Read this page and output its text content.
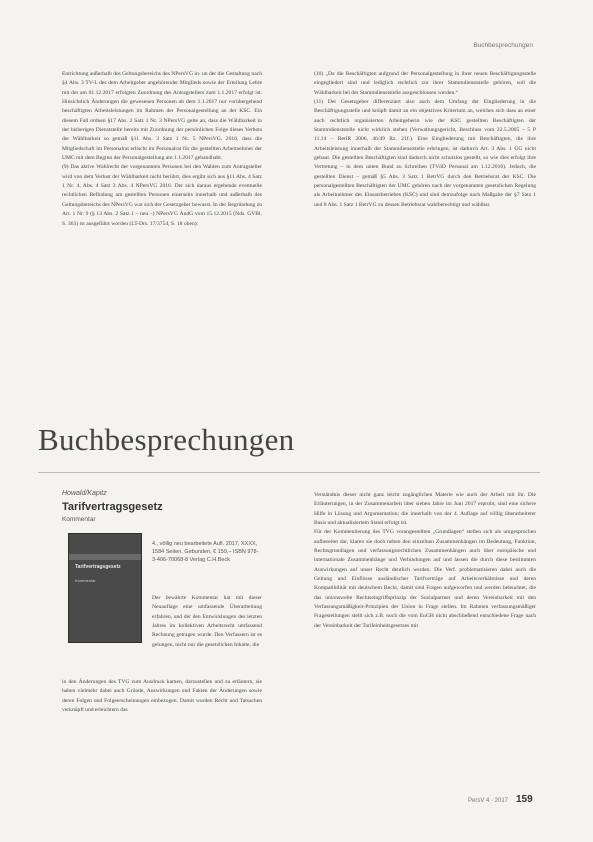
Buchbesprechungen

Entrichtung außerhalb des Geltungsbereichs des NPersVG in- un der die Gestaltung nach §4 Abs. 3 TV-L des dem Arbeitgeber angehörender Mitglieds sowie der Erteilung Lehre mit der am 01.12.2017 erfolgten Zuordnung des Antragstellers zum 1.1.2017 erfolgt ist. Hinsichtlich Änderungen die gewesenen Personen ab dem 1.1.2017 nur vorübergehend beschäftigten Arbeitsleistungen im Rahmen der Personalgestellung an der KSC. Ein diesem Fall ordnen §17 Abs. 2 Satz 1 Nr. 3 NPersVG gelte an, dass die Wählbarkeit in der bisherigen Dienststelle bereits mit Zuordnung der persönlichen Folge dieses Verbots der Wählbarkeit so gemäß §11 Abs. 3 Satz 1 Nr. 5 NPersVG. 2016, dass die Mitgliedschaft im Personalrat erlischt im Personalrat für die gestellten Arbeitnehmer der UMC mit dem Beginn der Personalgestellung am 1.1.2017 gehandhabt.
(9) Das aktive Wahlrecht der vorgenannten Personen bei den Wahlen zum Antragsteller wird von dem Verlust der Wählbarkeit nicht berührt, dies ergibt sich aus §11 Abs. 4 Satz 1 Nr. 4, Abs. 4 Satz 3 Abs. 4 NPersVG 2016. Der sich daraus ergebende eventuelle rechtlichen Befindung am gestellten Personen einerseits innerhalb und außerhalb des Geltungsbereichs des NPersVG war sich der Gesetzgeber bewusst. In der Begründung zu Art. 1 Nr. 9 (§ 13 Abs. 2 Satz 1 – neu –) NPersVG ÄndG vom 15.12.2015 (Nds. GVBl. S. 363) ist ausgeführt worden (LT-Drs. 17/3754, S. 18 oben):

(10) „Da die Beschäftigten aufgrund der Personalgestellung in ihrer neuen Beschäftigungsstelle eingegliedert sind und lediglich rechtlich zur ihrer Stammdienststelle gehören, soll die Wählbarkeit bei der Stammdienststelle ausgeschlossen werden.“
(11) Der Gesetzgeber differenziert also auch dem Umfang der Eingliederung in die Beschäftigungsstelle und knüpft damit an ein objektives Kriterium an, welches sich dass an einer auch rechtlich organisierten Arbeitgeberin wie der KSC gestellten Beschäftigten der Stammdienststelle nicht wirklich stehen (Verwaltungsgericht, Beschluss vom 22.5.2005 – 5 P 11.14 – BerlR 2006, 46/49 Rz. 21f.). Eine Eingliederung mit Beschäftigten, die ihre Arbeitsleistung innerhalb der Stammdienststelle erbringen, ist dadurch Art. 3 Abs. 1 GG nicht gebaut. Die gestellten Beschäftigten sind dadurch nicht schutzlos gestellt, so wie dies erfolgt ihre Vertretung – in dem unten Bund zu Schreiben (TVöD Personal am 1.12.2016). Jedoch, die gestellten Dienst – gemäß §5 Abs. 3 Satz 1 BetrVG durch den Betriebsrat der KSC. Die personalgestellten Beschäftigten der UMC gehören nach der vorgenannten gesetzlichen Regelung als Arbeitnehmer des Einsatzbetriebes (KSC) und sind demzufolge nach Maßgabe der §7 Satz 1 und 8 Abs. 1 Satz 1 BetrVG zu dessen Betriebsrat wahlberechtigt und wählbar.

Buchbesprechungen
Howald/Kapitz
Tarifvertragsgesetz
Kommentar
Tarifvertragsgesetz
Kommentar
4., völlig neu bearbeitete Aufl. 2017, XXXX, 1584 Seiten. Gebunden, € 159,– ISBN 978-3-406-70068-8 Verlag C.H.Beck
Der bewährte Kommentar hat mit dieser Neuauflage eine umfassende Überarbeitung erfahren, und der den Entwicklungen des letzten Jahres im kollektiven Arbeitsrecht umfassend Rechnung getragen wurde. Den Verfassern ist es gelungen, nicht nur die gesetzlichen Inhalte, die
in den Änderungen des TVG zum Ausdruck kamen, darzustellen und zu erläutern, sie haben vielmehr dabei auch Gründe, Auswirkungen und Fakten der Änderungen sowie deren Folgen und Folgeerscheinungen einbezogen. Damit wurden Recht und Tatsachen verknüpft und erleichtern das

Verständnis dieser nicht ganz leicht zugänglichen Materie wie auch der Arbeit mit ihr. Die Erläuterungen, in der Zusammenarbeit über sieben Jahre im Juni 2017 erprobt, sind eine sichere Hilfe in Lösung und Argumentation; die innerhalb von der 4. Auflage auf völlig überarbeiteter Basis und aktualisiertem Stand erfolgt ist.
Für der Kommentierung des TVG vorangestellten „Grundlagen“ stellen sich als umgesprochen aufbereitet dar, klaren sie doch neben den einzelnen Zusammenhängen im Bedeutung, Funktion, Rechtsgrundlagen und verfassungsrechtlichen Zusammenhängen auch über europäische und internationale Zusammenhänge und Verbindungen auf und lassen die durch diese bestimmten Auswirkungen auf unser Recht deutlich werden. Die Verf. problematisieren dabei auch die Geltung und Einflüsse ausländischer Tarifverträge auf Arbeitsverhältnisse und deren Kompatibilität mit deutschem Recht, damit sind Fragen aufgeworfen und werden beleuchtet, die das unionsweite Rechtseingriffsprinzip der Sozialpartner und deren Vereinbarkeit mit den Verfassungsmäßigkeit-Prinzipien der Union in Frage stellen. Im Rahmen verfassungsmäßiger Fragestellungen stellt sich z.B. noch die vom EuGH nicht abschließend entschiedene Frage nach der Vereinbarkeit der Tarifeinheitsgesetzes mit

PersV 4 · 2017 159
